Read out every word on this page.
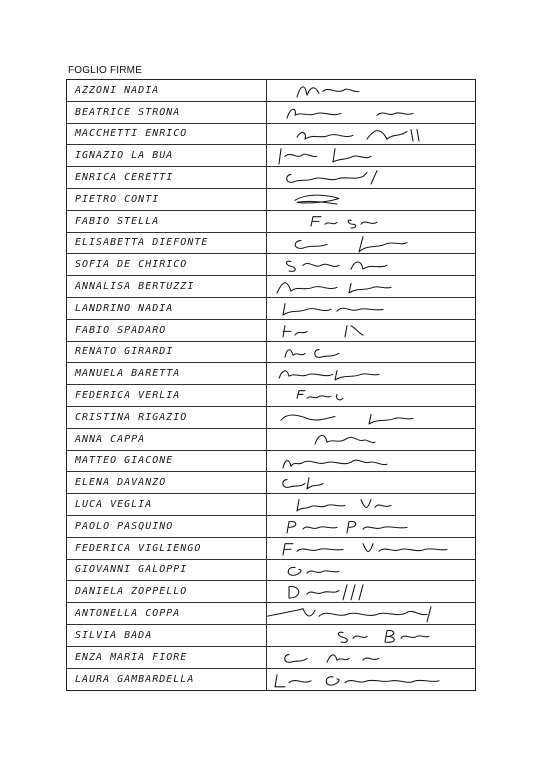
FOGLIO FIRME
AZZONI NADIA
BEATRICE STRONA
MACCHETTI ENRICO
IGNAZIO LA BUA
ENRICA CERETTI
PIETRO CONTI
FABIO STELLA
ELISABETTA DIEFONTE
SOFIA DE CHIRICO
ANNALISA BERTUZZI
LANDRINO NADIA
FABIO SPADARO
RENATO GIRARDI
MANUELA BARETTA
FEDERICA VERLIA
CRISTINA RIGAZIO
ANNA CAPPA
MATTEO GIACONE
ELENA DAVANZO
LUCA VEGLIA
PAOLO PASQUINO
FEDERICA VIGLIENGO
GIOVANNI GALOPPI
DANIELA ZOPPELLO
ANTONELLA COPPA
SILVIA BADA
ENZA MARIA FIORE
LAURA GAMBARDELLA
